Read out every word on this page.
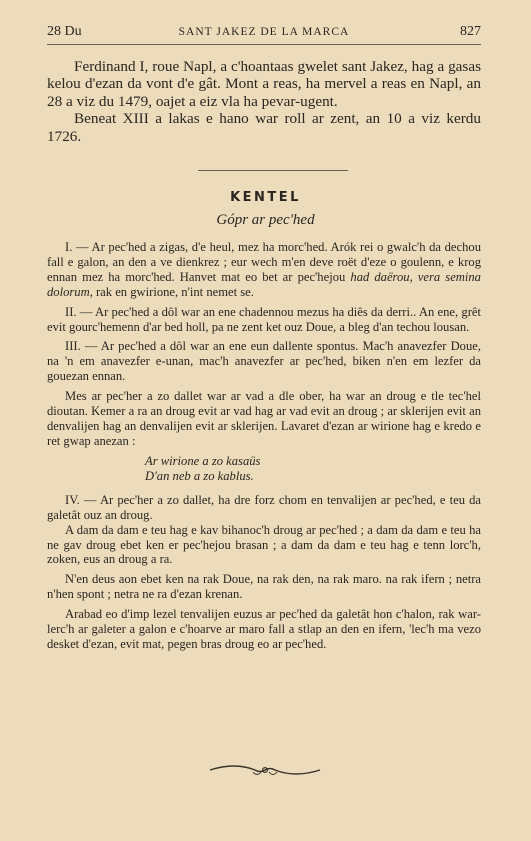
28 Du	SANT JAKEZ DE LA MARCA	827

Ferdinand I, roue Napl, a c'hoantaas gwelet sant Jakez, hag a gasas kelou d'ezan da vont d'e gât. Mont a reas, ha mervel a reas en Napl, an 28 a viz du 1479, oajet a eiz vla ha pevar-ugent.

Beneat XIII a lakas e hano war roll ar zent, an 10 a viz kerdu 1726.

KENTEL
Gópr ar pec'hed

I. — Ar pec'hed a zigas, d'e heul, mez ha morc'hed. Arók rei o gwalc'h da dechou fall e galon, an den a ve dienkrez ; eur wech m'en deve roët d'eze o goulenn, e krog ennan mez ha morc'hed. Hanvet mat eo bet ar pec'hejou had daërou, vera semina dolorum, rak en gwirione, n'int nemet se.

II. — Ar pec'hed a dôl war an ene chadennou mezus ha diês da derri.. An ene, grêt evit gourc'hemenn d'ar bed holl, pa ne zent ket ouz Doue, a bleg d'an techou lousan.

III. — Ar pec'hed a dôl war an ene eun dallente spontus. Mac'h anavezfer Doue, na 'n em anavezfer e-unan, mac'h anavezfer ar pec'hed, biken n'en em lezfer da gouezan ennan.

Mes ar pec'her a zo dallet war ar vad a dle ober, ha war an droug e tle tec'hel dioutan. Kemer a ra an droug evit ar vad hag ar vad evit an droug ; ar sklerijen evit an denvalijen hag an denvalijen evit ar sklerijen. Lavaret d'ezan ar wirione hag e kredo e ret gwap anezan :

Ar wirione a zo kasaüs
D'an neb a zo kablus.

IV. — Ar pec'her a zo dallet, ha dre forz chom en tenvalijen ar pec'hed, e teu da galetât ouz an droug.

A dam da dam e teu hag e kav bihanoc'h droug ar pec'hed ; a dam da dam e teu ha ne gav droug ebet ken er pec'hejou brasan ; a dam da dam e teu hag e tenn lorc'h, zoken, eus an droug a ra.

N'en deus aon ebet ken na rak Doue, na rak den, na rak maro. na rak ifern ; netra n'hen spont ; netra ne ra d'ezan krenan.

Arabad eo d'imp lezel tenvalijen euzus ar pec'hed da galetât hon c'halon, rak war-lerc'h ar galeter a galon e c'hoarve ar maro fall a stlap an den en ifern, 'lec'h ma vezo desket d'ezan, evit mat, pegen bras droug eo ar pec'hed.
